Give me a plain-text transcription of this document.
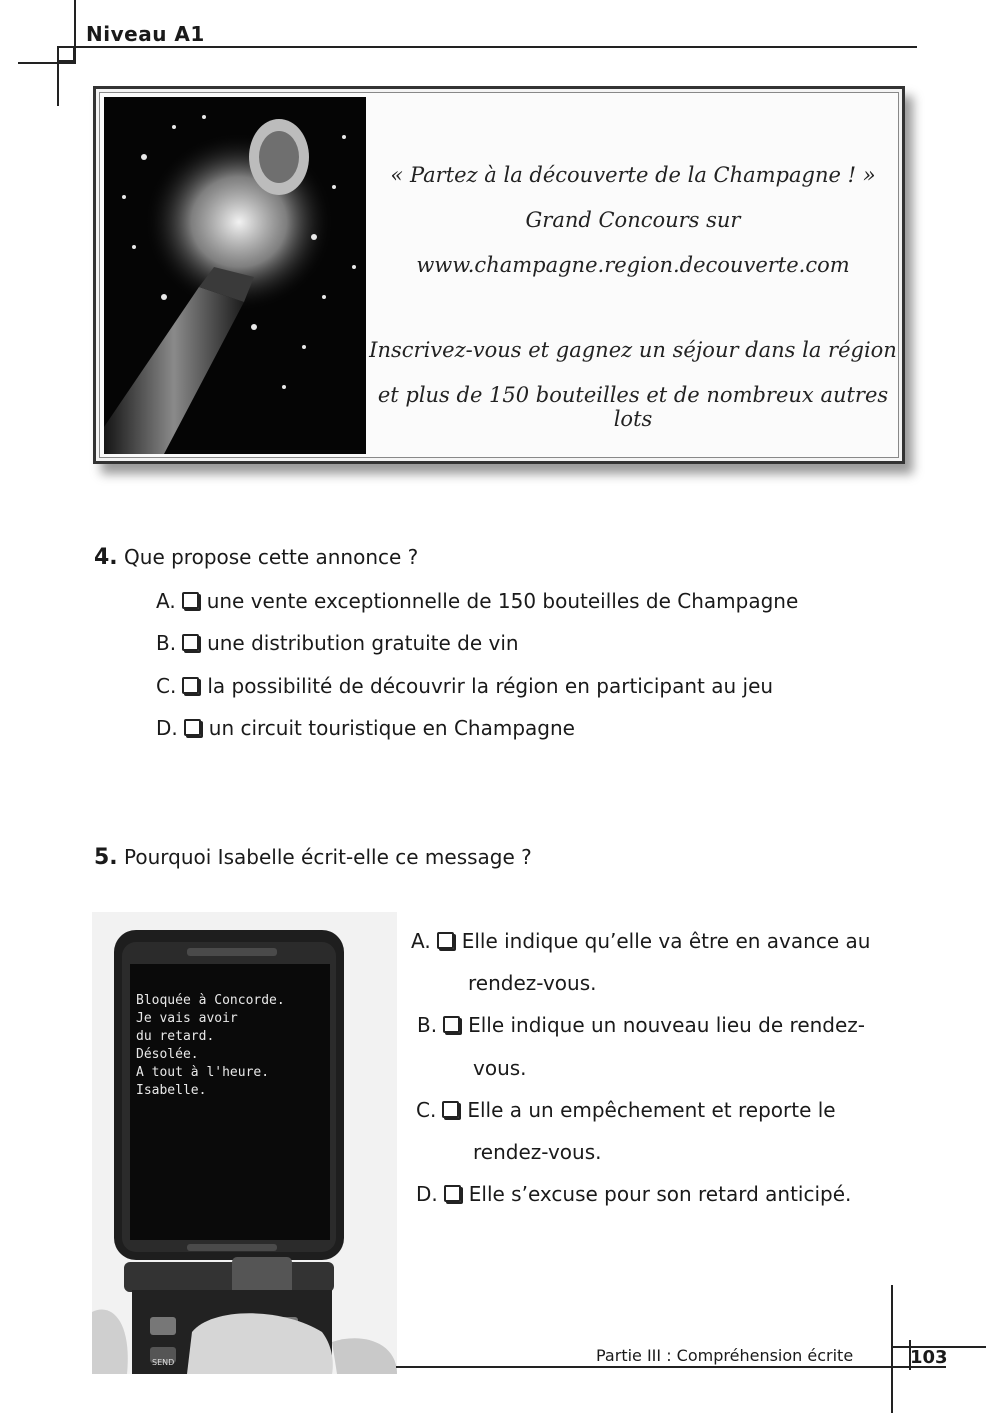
Niveau A1
« Partez à la découverte de la Champagne ! »
Grand Concours sur
www.champagne.region.decouverte.com
Inscrivez-vous et gagnez un séjour dans la région
et plus de 150 bouteilles et de nombreux autres lots
4. Que propose cette annonce ?
A. une vente exceptionnelle de 150 bouteilles de Champagne
B. une distribution gratuite de vin
C. la possibilité de découvrir la région en participant au jeu
D. un circuit touristique en Champagne
5. Pourquoi Isabelle écrit-elle ce message ?
SEND
Bloquée à Concorde.
Je vais avoir
du retard.
Désolée.
A tout à l'heure.
Isabelle.
A. Elle indique qu’elle va être en avance au
rendez-vous.
B. Elle indique un nouveau lieu de rendez-
vous.
C. Elle a un empêchement et reporte le
rendez-vous.
D. Elle s’excuse pour son retard anticipé.
Partie III : Compréhension écrite	103
